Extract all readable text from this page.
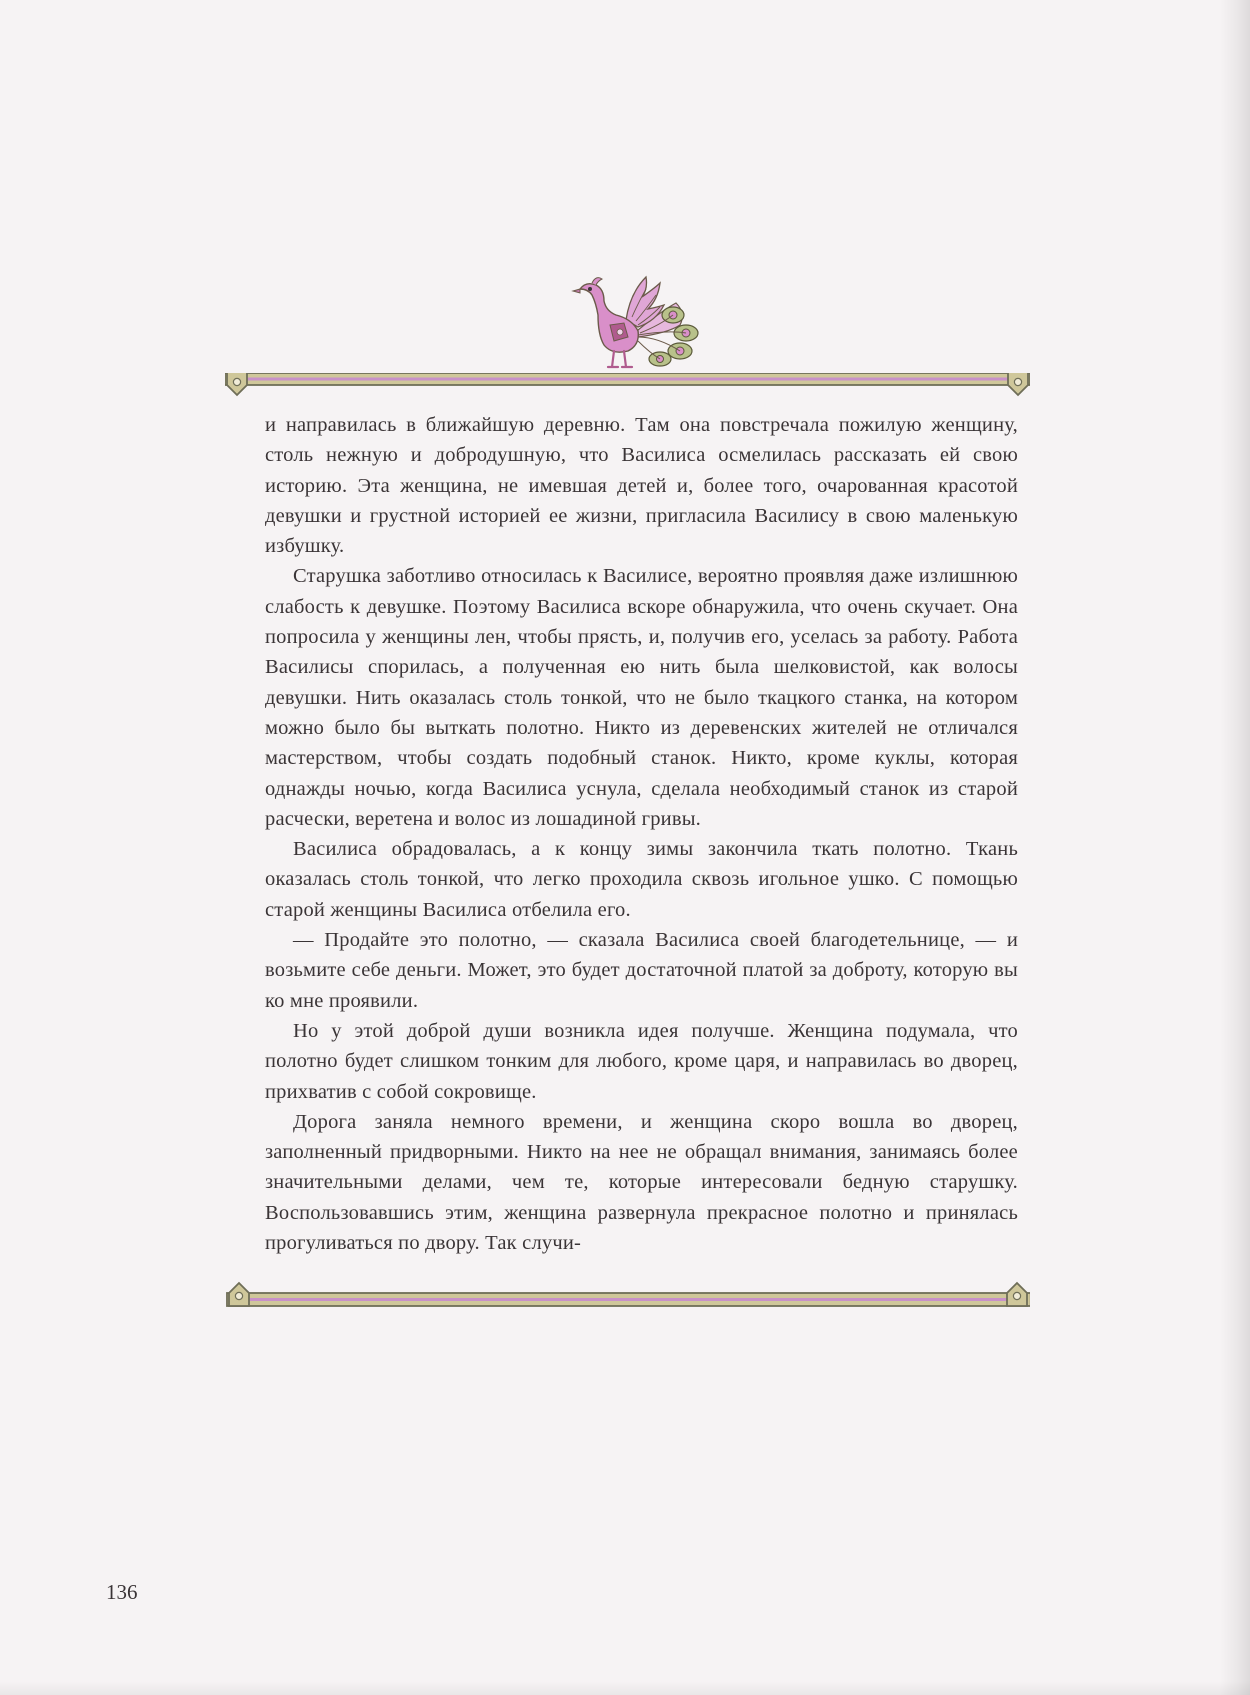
и направилась в ближайшую деревню. Там она повстречала пожилую женщину, столь нежную и добродушную, что Василиса осмелилась рассказать ей свою историю. Эта женщина, не имевшая детей и, более того, очарованная красотой девушки и грустной историей ее жизни, пригласила Василису в свою маленькую избушку.

Старушка заботливо относилась к Василисе, вероятно проявляя даже излишнюю слабость к девушке. Поэтому Василиса вскоре обнаружила, что очень скучает. Она попросила у женщины лен, чтобы прясть, и, получив его, уселась за работу. Работа Василисы спорилась, а полученная ею нить была шелковистой, как волосы девушки. Нить оказалась столь тонкой, что не было ткацкого станка, на котором можно было бы выткать полотно. Никто из деревенских жителей не отличался мастерством, чтобы создать подобный станок. Никто, кроме куклы, которая однажды ночью, когда Василиса уснула, сделала необходимый станок из старой расчески, веретена и волос из лошадиной гривы.

Василиса обрадовалась, а к концу зимы закончила ткать полотно. Ткань оказалась столь тонкой, что легко проходила сквозь игольное ушко. С помощью старой женщины Василиса отбелила его.

— Продайте это полотно, — сказала Василиса своей благодетельнице, — и возьмите себе деньги. Может, это будет достаточной платой за доброту, которую вы ко мне проявили.

Но у этой доброй души возникла идея получше. Женщина подумала, что полотно будет слишком тонким для любого, кроме царя, и направилась во дворец, прихватив с собой сокровище.

Дорога заняла немного времени, и женщина скоро вошла во дворец, заполненный придворными. Никто на нее не обращал внимания, занимаясь более значительными делами, чем те, которые интересовали бедную старушку. Воспользовавшись этим, женщина развернула прекрасное полотно и принялась прогуливаться по двору. Так случи-

136
